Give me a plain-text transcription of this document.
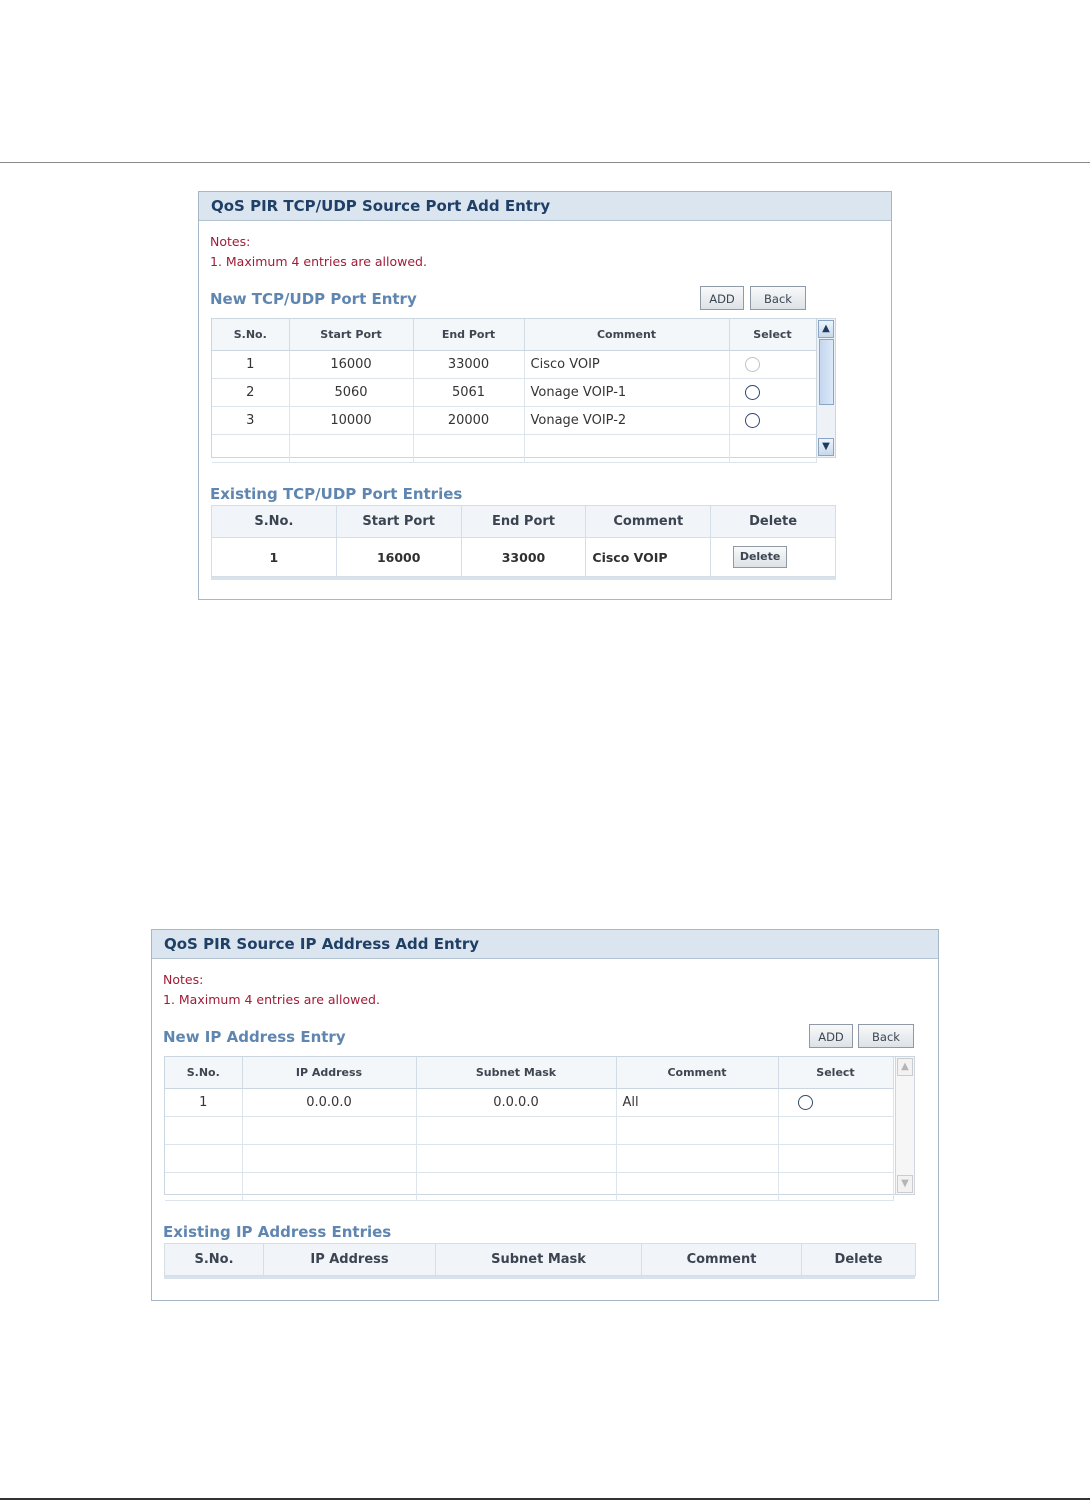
QoS PIR TCP/UDP Source Port Add Entry
Notes:
1. Maximum 4 entries are allowed.
New TCP/UDP Port Entry	ADD	Back
S.No.	Start Port	End Port	Comment	Select
1	16000	33000	Cisco VOIP	
2	5060	5061	Vonage VOIP-1	
3	10000	20000	Vonage VOIP-2	

▲
▼
Existing TCP/UDP Port Entries
S.No.	Start Port	End Port	Comment	Delete
1	16000	33000	Cisco VOIP	Delete
QoS PIR Source IP Address Add Entry
Notes:
1. Maximum 4 entries are allowed.
New IP Address Entry	ADD	Back
S.No.	IP Address	Subnet Mask	Comment	Select
1	0.0.0.0	0.0.0.0	All	

▲
▼
Existing IP Address Entries
S.No.	IP Address	Subnet Mask	Comment	Delete
